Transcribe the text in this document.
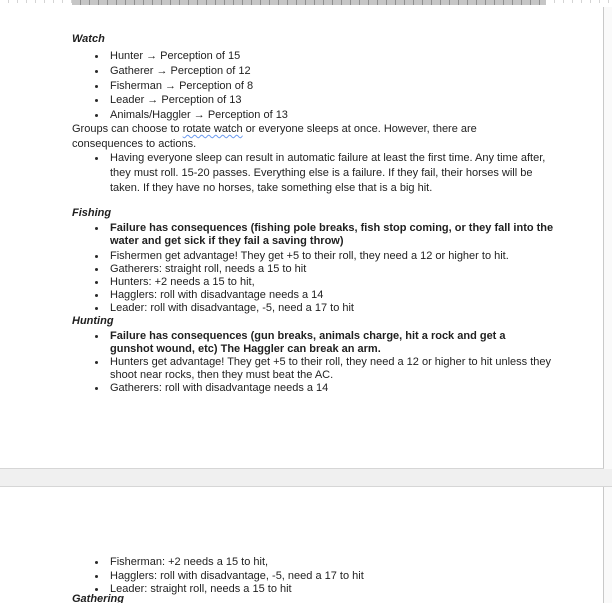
Watch
Hunter → Perception of 15
Gatherer → Perception of 12
Fisherman → Perception of 8
Leader → Perception of 13
Animals/Haggler → Perception of 13
Groups can choose to rotate watch or everyone sleeps at once. However, there are consequences to actions.
Having everyone sleep can result in automatic failure at least the first time. Any time after, they must roll. 15-20 passes. Everything else is a failure. If they fail, their horses will be taken. If they have no horses, take something else that is a big hit.
Fishing
Failure has consequences (fishing pole breaks, fish stop coming, or they fall into the water and get sick if they fail a saving throw)
Fishermen get advantage! They get +5 to their roll, they need a 12 or higher to hit.
Gatherers: straight roll, needs a 15 to hit
Hunters: +2 needs a 15 to hit,
Hagglers: roll with disadvantage needs a 14
Leader: roll with disadvantage, -5, need a 17 to hit
Hunting
Failure has consequences (gun breaks, animals charge, hit a rock and get a gunshot wound, etc) The Haggler can break an arm.
Hunters get advantage! They get +5 to their roll, they need a 12 or higher to hit unless they shoot near rocks, then they must beat the AC.
Gatherers: roll with disadvantage needs a 14
Fisherman: +2 needs a 15 to hit,
Hagglers: roll with disadvantage, -5, need a 17 to hit
Leader: straight roll, needs a 15 to hit
Gathering
